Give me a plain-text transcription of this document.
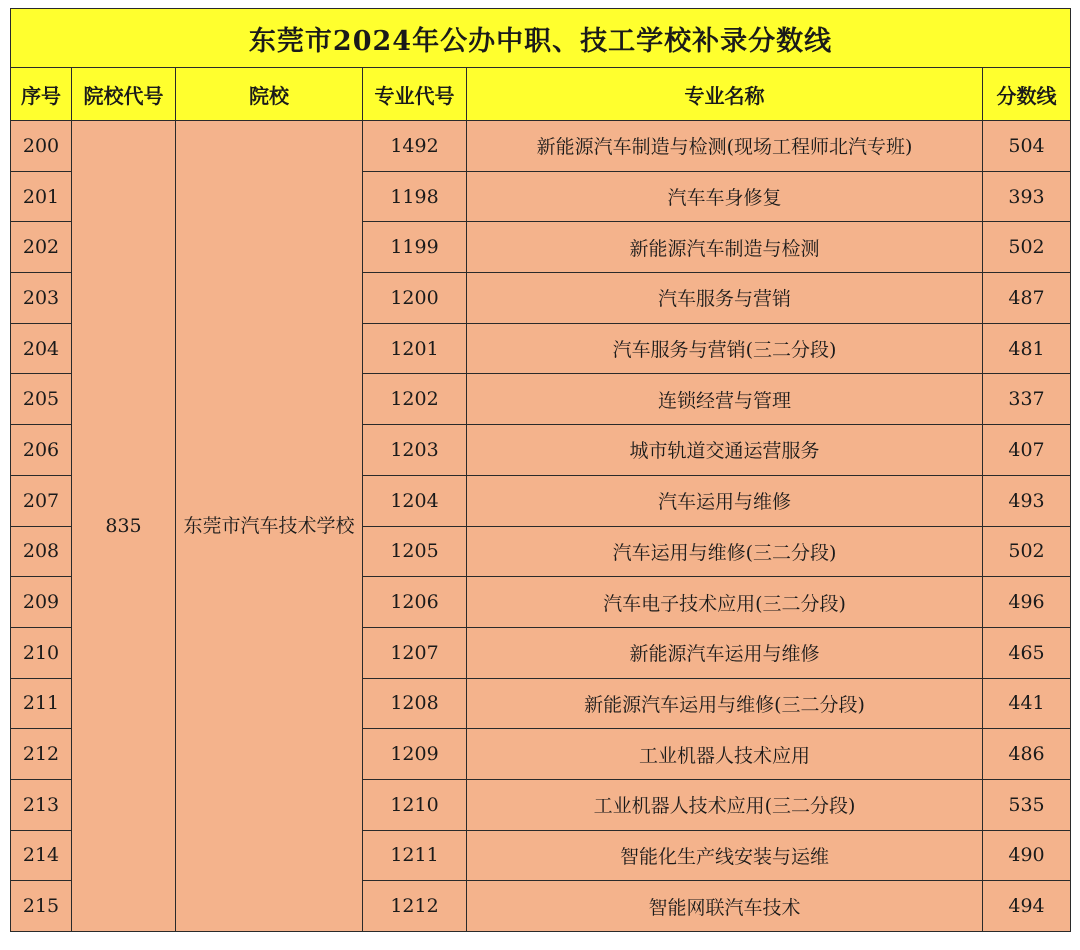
东莞市2024年公办中职、技工学校补录分数线					
序号	院校代号	院校	专业代号	专业名称	分数线
200	835	东莞市汽车技术学校	1492	新能源汽车制造与检测(现场工程师北汽专班)	504
201			1198	汽车车身修复	393
202			1199	新能源汽车制造与检测	502
203			1200	汽车服务与营销	487
204			1201	汽车服务与营销(三二分段)	481
205			1202	连锁经营与管理	337
206			1203	城市轨道交通运营服务	407
207			1204	汽车运用与维修	493
208			1205	汽车运用与维修(三二分段)	502
209			1206	汽车电子技术应用(三二分段)	496
210			1207	新能源汽车运用与维修	465
211			1208	新能源汽车运用与维修(三二分段)	441
212			1209	工业机器人技术应用	486
213			1210	工业机器人技术应用(三二分段)	535
214			1211	智能化生产线安装与运维	490
215			1212	智能网联汽车技术	494
